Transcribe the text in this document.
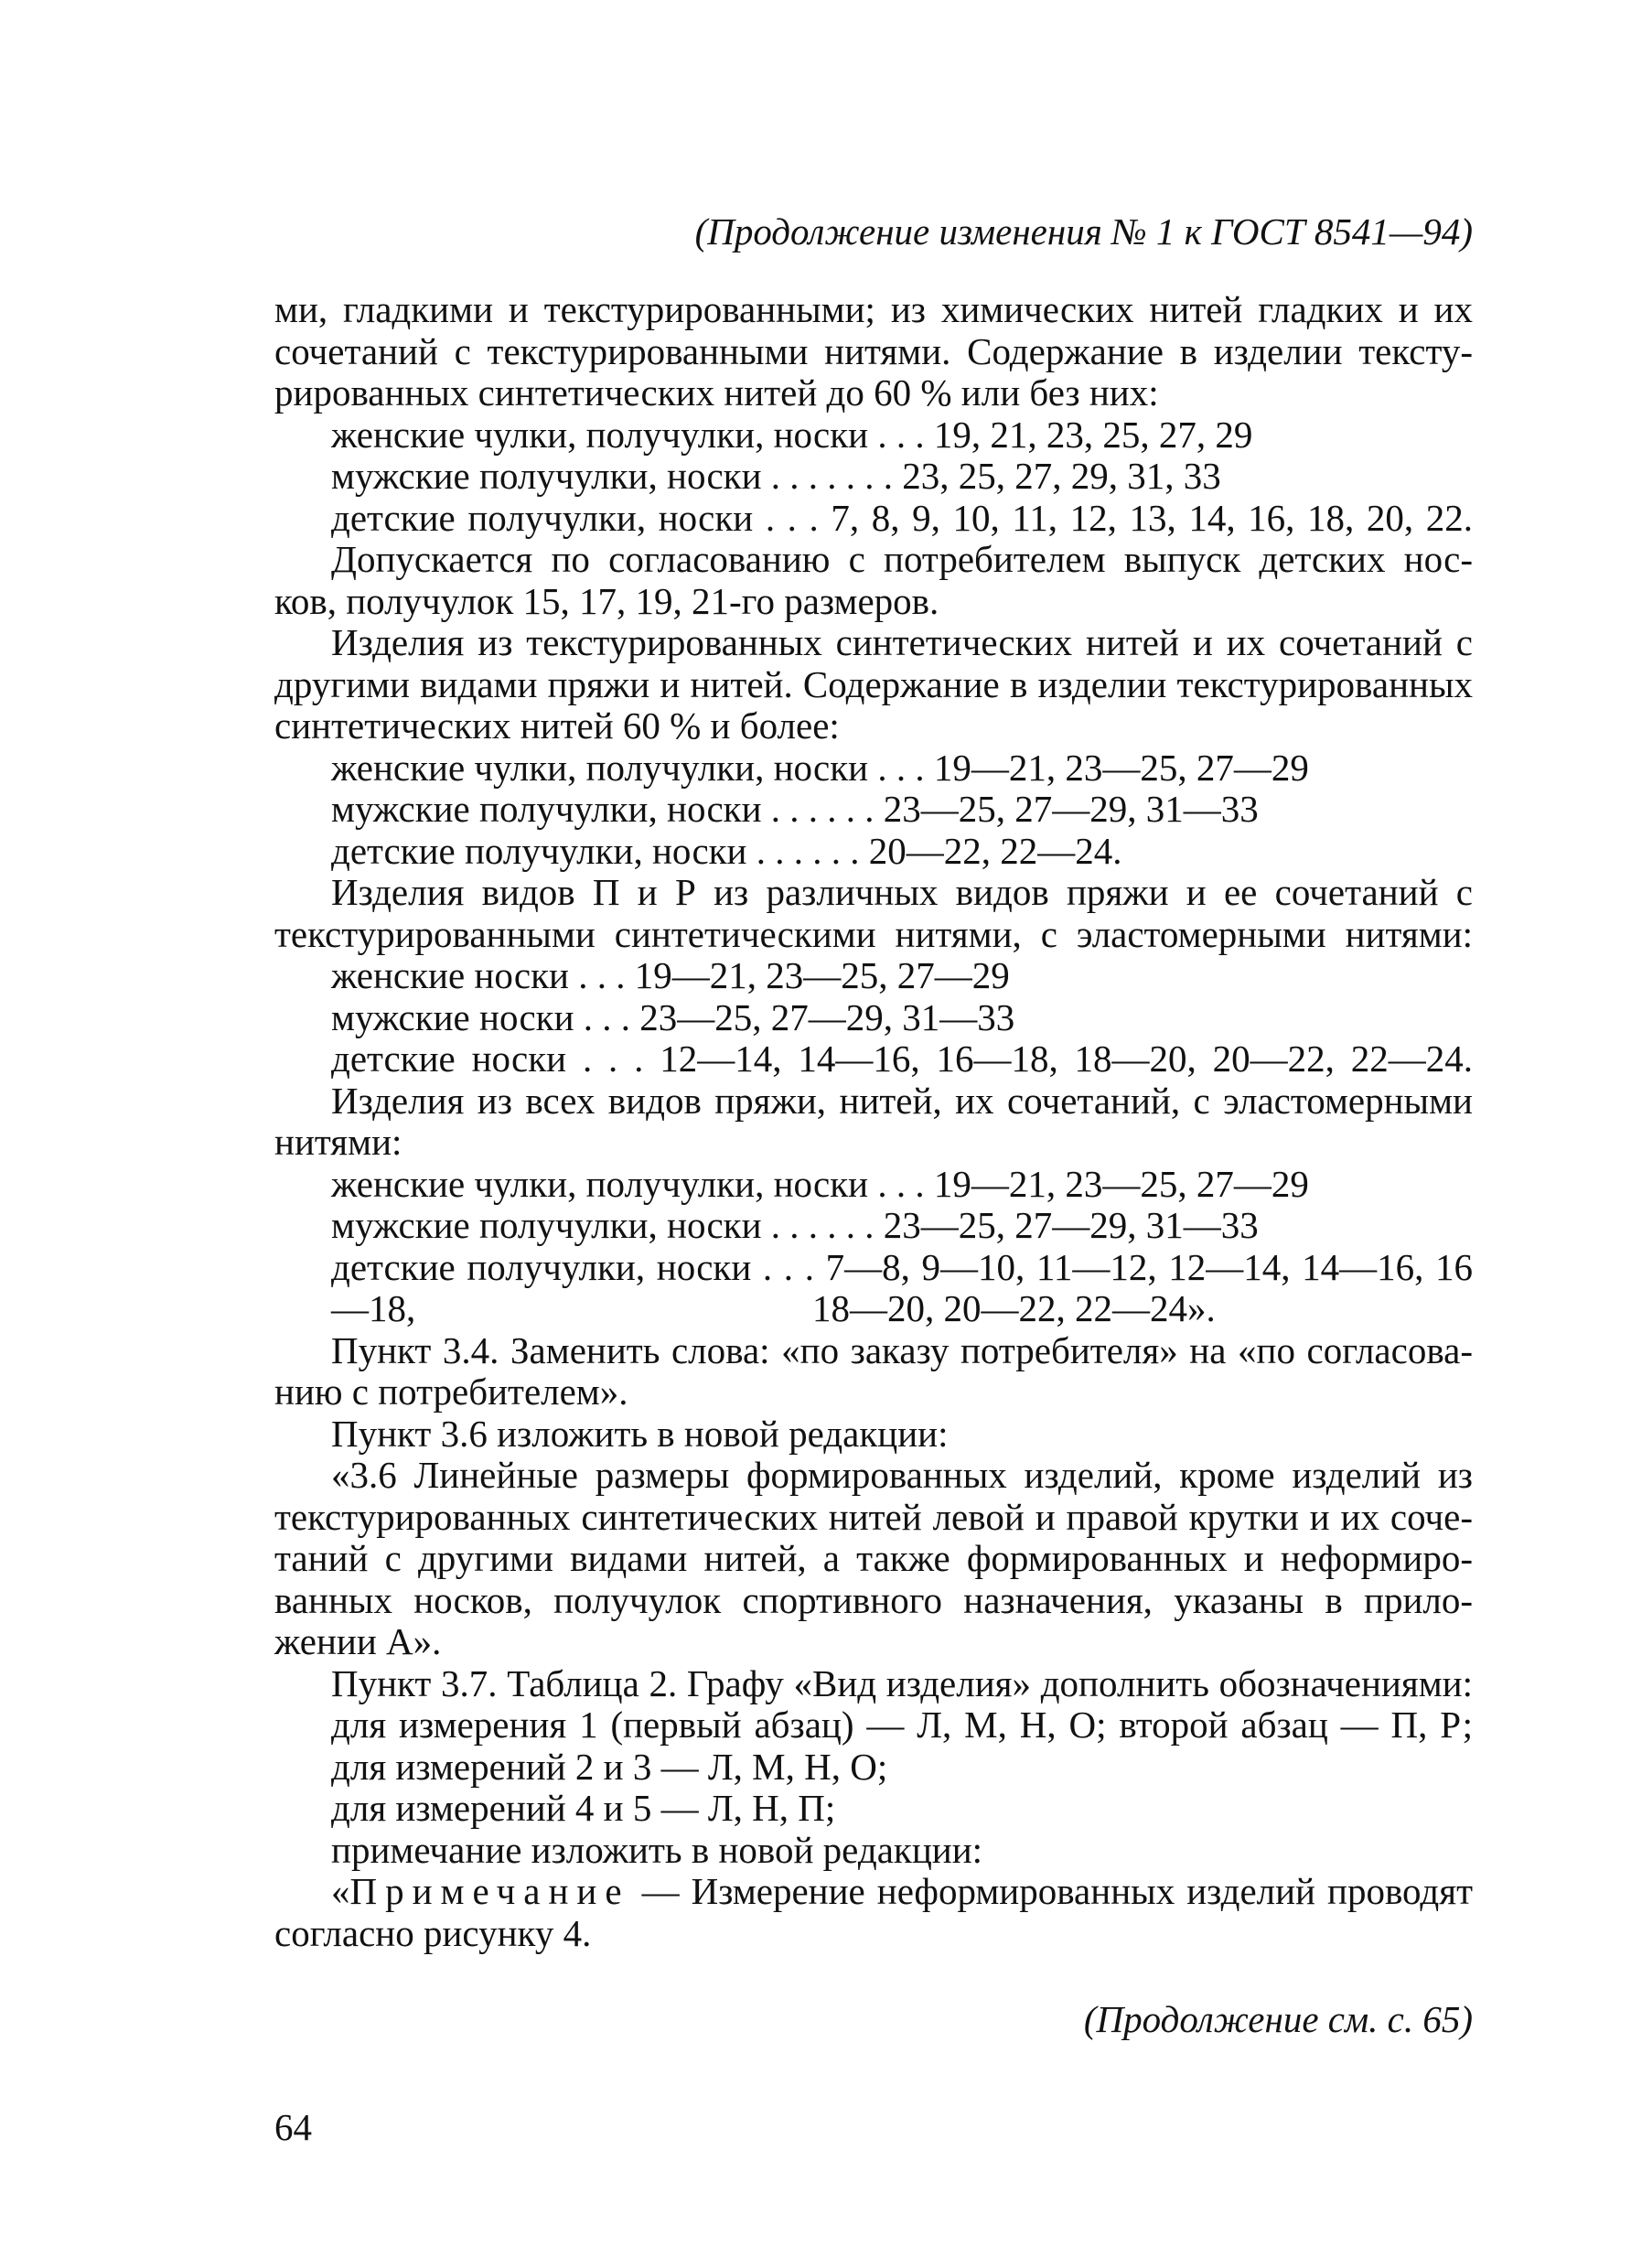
(Продолжение изменения № 1 к ГОСТ 8541—94)
ми, гладкими и текстурированными; из химических нитей гладких и их
сочетаний с текстурированными нитями. Содержание в изделии тексту-
рированных синтетических нитей до 60 % или без них:
женские чулки, получулки, носки . . . 19, 21, 23, 25, 27, 29
мужские получулки, носки . . . . . . . 23, 25, 27, 29, 31, 33
детские получулки, носки . . . 7, 8, 9, 10, 11, 12, 13, 14, 16, 18, 20, 22.
Допускается по согласованию с потребителем выпуск детских нос-
ков, получулок 15, 17, 19, 21-го размеров.
Изделия из текстурированных синтетических нитей и их сочетаний с
другими видами пряжи и нитей. Содержание в изделии текстурированных
синтетических нитей 60 % и более:
женские чулки, получулки, носки . . . 19—21, 23—25, 27—29
мужские получулки, носки . . . . . . 23—25, 27—29, 31—33
детские получулки, носки . . . . . . 20—22, 22—24.
Изделия видов П и Р из различных видов пряжи и ее сочетаний с
текстурированными синтетическими нитями, с эластомерными нитями:
женские носки . . . 19—21, 23—25, 27—29
мужские носки . . . 23—25, 27—29, 31—33
детские носки . . . 12—14, 14—16, 16—18, 18—20, 20—22, 22—24.
Изделия из всех видов пряжи, нитей, их сочетаний, с эластомерными
нитями:
женские чулки, получулки, носки . . . 19—21, 23—25, 27—29
мужские получулки, носки . . . . . . 23—25, 27—29, 31—33
детские получулки, носки . . . 7—8, 9—10, 11—12, 12—14, 14—16, 16—18,	18—20, 20—22, 22—24».
Пункт 3.4. Заменить слова: «по заказу потребителя» на «по согласова-
нию с потребителем».
Пункт 3.6 изложить в новой редакции:
«3.6 Линейные размеры формированных изделий, кроме изделий из
текстурированных синтетических нитей левой и правой крутки и их соче-
таний с другими видами нитей, а также формированных и неформиро-
ванных носков, получулок спортивного назначения, указаны в прило-
жении А».
Пункт 3.7. Таблица 2. Графу «Вид изделия» дополнить обозначениями:
для измерения 1 (первый абзац) — Л, М, Н, О; второй абзац — П, Р;
для измерений 2 и 3 — Л, М, Н, О;
для измерений 4 и 5 — Л, Н, П;
примечание изложить в новой редакции:
«Примечание — Измерение неформированных изделий проводят
согласно рисунку 4.
(Продолжение см. с. 65)
64
